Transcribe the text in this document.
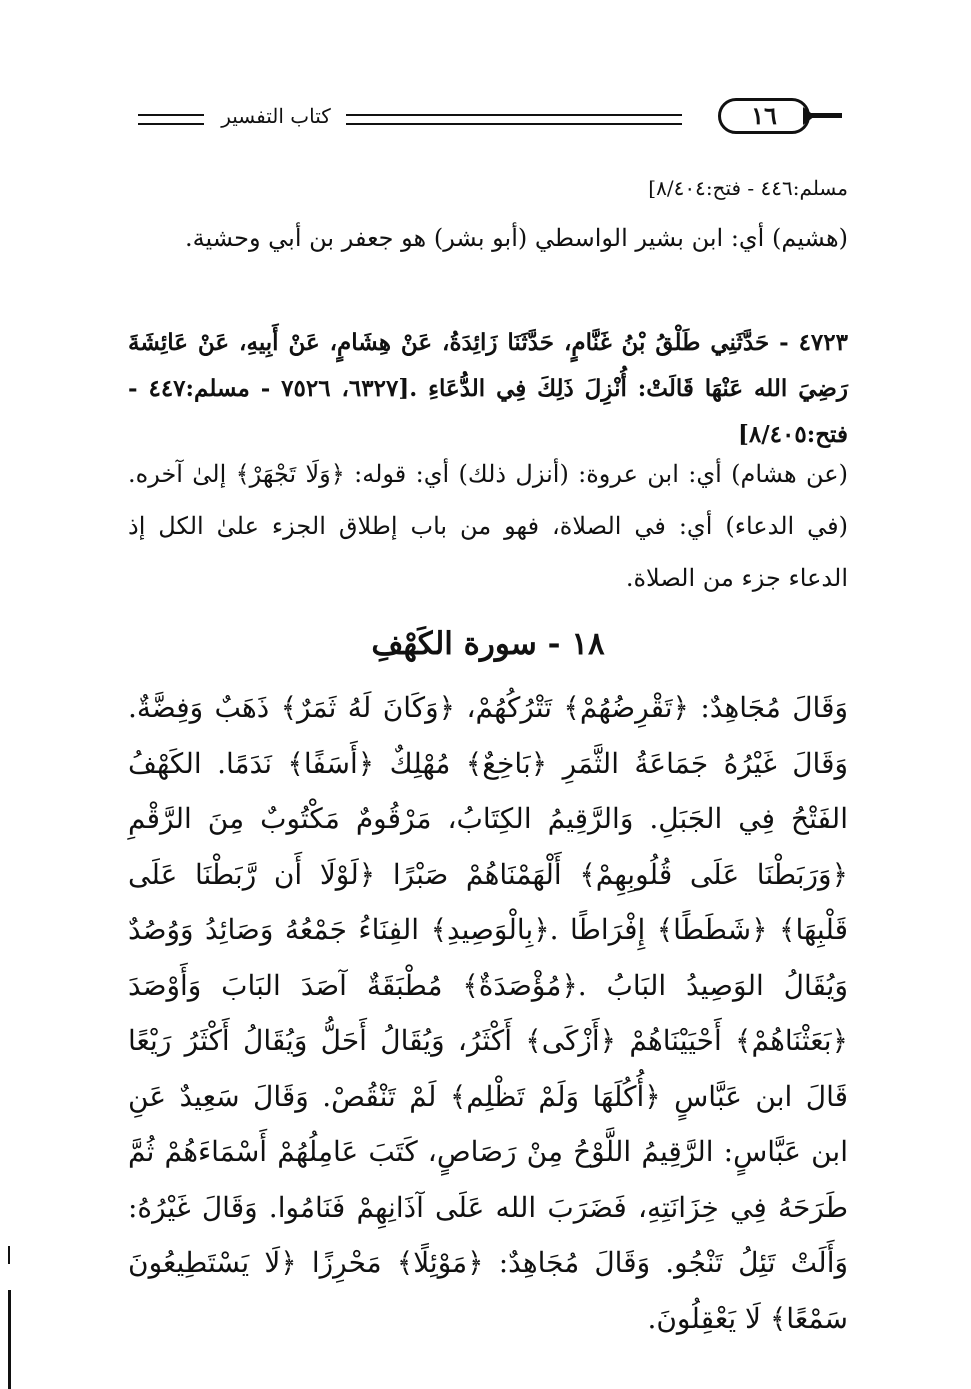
كتاب التفسير	١٦
مسلم:٤٤٦ - فتح:٨/٤٠٤]
(هشيم) أي: ابن بشير الواسطي (أبو بشر) هو جعفر بن أبي وحشية.
٤٧٢٣ - حَدَّثَنِي طَلْقُ بْنُ غَنَّامٍ، حَدَّثَنَا زَائِدَةُ، عَنْ هِشَامٍ، عَنْ أَبِيهِ، عَنْ عَائِشَةَ رَضِيَ الله عَنْهَا قَالَتْ: أُنْزِلَ ذَلِكَ فِي الدُّعَاءِ .[٦٣٢٧، ٧٥٢٦ - مسلم:٤٤٧ - فتح:٨/٤٠٥]
(عن هشام) أي: ابن عروة: (أنزل ذلك) أي: قوله: ﴿وَلَا تَجْهَرْ﴾ إلىٰ آخره. (في الدعاء) أي: في الصلاة، فهو من باب إطلاق الجزء علىٰ الكل إذ الدعاء جزء من الصلاة.
١٨ - سورة الكَهْفِ
وَقَالَ مُجَاهِدٌ: ﴿تَقْرِضُهُمْ﴾ تَتْرُكُهُمْ، ﴿وَكَانَ لَهُ ثَمَرٌ﴾ ذَهَبٌ وَفِضَّةٌ. وَقَالَ غَيْرُهُ جَمَاعَةُ الثَّمَرِ ﴿بَاخِعٌ﴾ مُهْلِكٌ ﴿أَسَفًا﴾ نَدَمًا. الكَهْفُ الفَتْحُ فِي الجَبَلِ. وَالرَّقِيمُ الكِتَابُ، مَرْقُومٌ مَكْتُوبٌ مِنَ الرَّقْمِ ﴿وَرَبَطْنَا عَلَى قُلُوبِهِمْ﴾ أَلْهَمْنَاهُمْ صَبْرًا ﴿لَوْلَا أَن رَّبَطْنَا عَلَى قَلْبِهَا﴾ ﴿شَطَطًا﴾ إِفْرَاطًا .﴿بِالْوَصِيدِ﴾ الفِنَاءُ جَمْعُهُ وَصَائِدُ وَوُصُدٌ وَيُقَالُ الوَصِيدُ البَابُ .﴿مُؤْصَدَةٌ﴾ مُطْبَقَةٌ آصَدَ البَابَ وَأَوْصَدَ ﴿بَعَثْنَاهُمْ﴾ أَحْيَيْنَاهُمْ ﴿أَزْكَى﴾ أَكْثَرُ، وَيُقَالُ أَحَلُّ وَيُقَالُ أَكْثَرُ رَيْعًا قَالَ ابن عَبَّاسٍ ﴿أُكُلَهَا وَلَمْ تَظْلِم﴾ لَمْ تَنْقُصْ. وَقَالَ سَعِيدٌ عَنِ ابن عَبَّاسٍ: الرَّقِيمُ اللَّوْحُ مِنْ رَصَاصٍ، كَتَبَ عَامِلُهُمْ أَسْمَاءَهُمْ ثُمَّ طَرَحَهُ فِي خِزَانَتِهِ، فَضَرَبَ الله عَلَى آذَانِهِمْ فَنَامُوا. وَقَالَ غَيْرُهُ: وَأَلَتْ تَئِلُ تَنْجُو. وَقَالَ مُجَاهِدٌ: ﴿مَوْئِلًا﴾ مَحْرِزًا ﴿لَا يَسْتَطِيعُونَ سَمْعًا﴾ لَا يَعْقِلُونَ.
